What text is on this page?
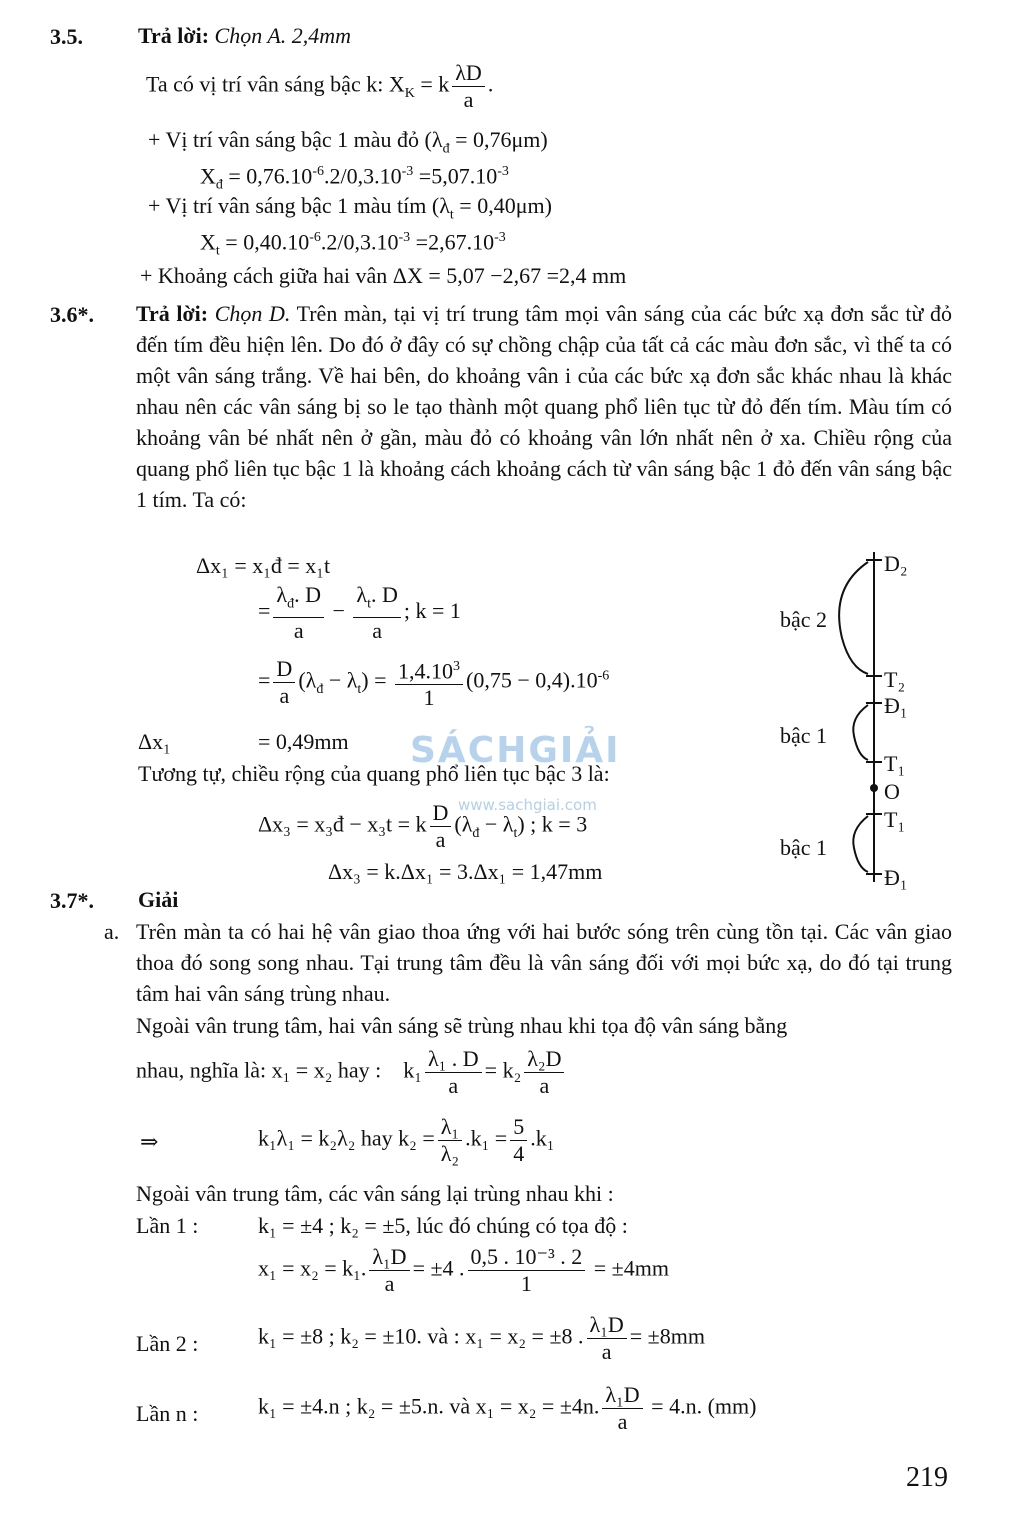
3.5.	Trả lời: Chọn A. 2,4mm
Ta có vị trí vân sáng bậc k: $X_K = k \frac{\lambda D}{a}$ .
+ Vị trí vân sáng bậc 1 màu đỏ $(\lambda_đ = 0,76\mu m)$
$X_đ = 0,76.10^{-6}.2/0,3.10^{-3} =5,07.10^{-3}$
+ Vị trí vân sáng bậc 1 màu tím $(\lambda_t = 0,40\mu m)$
$X_t = 0,40.10^{-6}.2/0,3.10^{-3} =2,67.10^{-3}$
+ Khoảng cách giữa hai vân ΔX = 5,07 −2,67 =2,4 mm
3.6*. Trả lời: Chọn D. Trên màn, tại vị trí trung tâm mọi vân sáng của các bức xạ đơn sắc từ đỏ đến tím đều hiện lên. Do đó ở đây có sự chồng chập của tất cả các màu đơn sắc, vì thế ta có một vân sáng trắng. Về hai bên, do khoảng vân i của các bức xạ đơn sắc khác nhau là khác nhau nên các vân sáng bị so le tạo thành một quang phổ liên tục từ đỏ đến tím. Màu tím có khoảng vân bé nhất nên ở gần, màu đỏ có khoảng vân lớn nhất nên ở xa. Chiều rộng của quang phổ liên tục bậc 1 là khoảng cách khoảng cách từ vân sáng bậc 1 đỏ đến vân sáng bậc 1 tím. Ta có:
Δx₁ = x₁đ = x₁t
= $\frac{\lambda_đ. D}{a} - \frac{\lambda_t. D}{a}$ ; k = 1
= $\frac{D}{a} (\lambda_đ - \lambda_t) = \frac{1,4.10^3}{1} (0,75 - 0,4).10^{-6}$
Δx₁	= 0,49mm
Tương tự, chiều rộng của quang phổ liên tục bậc 3 là:
Δx₃ = x₃đ − x₃t = k $\frac{D}{a} (\lambda_đ - \lambda_t)$ ; k = 3
Δx₃ = k.Δx₁ = 3.Δx₁ = 1,47mm
D₂
bậc 2
T₂
Đ₁
bậc 1
T₁
O
T₁
bậc 1
Đ₁
SÁCHGIẢI
www.sachgiai.com
3.7*. Giải
a. Trên màn ta có hai hệ vân giao thoa ứng với hai bước sóng trên cùng tồn tại. Các vân giao thoa đó song song nhau. Tại trung tâm đều là vân sáng đối với mọi bức xạ, do đó tại trung tâm hai vân sáng trùng nhau.
Ngoài vân trung tâm, hai vân sáng sẽ trùng nhau khi tọa độ vân sáng bằng
nhau, nghĩa là: x₁ = x₂ hay : $k_1 \frac{\text{λ₁ . D}}{a} = k_2 \frac{\text{λ₂D}}{a}$
⇒	k₁λ₁ = k₂λ₂ hay $k_2 = \frac{\text{λ₁}}{\text{λ₂}} .k_1 = \frac{5}{4} .k_1$
Ngoài vân trung tâm, các vân sáng lại trùng nhau khi :
Lần 1 :	k₁ = ±4 ; k₂ = ±5, lúc đó chúng có tọa độ :
x₁ = x₂ = k₁. $\frac{\text{λ₁D}}{a} = \pm 4$ . $\frac{\text{0,5 . 10⁻³ . 2}}{1} = \pm 4mm$
Lần 2 :	k₁ = ±8 ; k₂ = ±10. và : x₁ = x₂ = ±8 . $\frac{\text{λ₁D}}{a} = \pm 8mm$
Lần n :	k₁ = ±4.n ; k₂ = ±5.n. và x₁ = x₂ = ±4n. $\frac{\text{λ₁D}}{a} = 4.n$. (mm)
219
